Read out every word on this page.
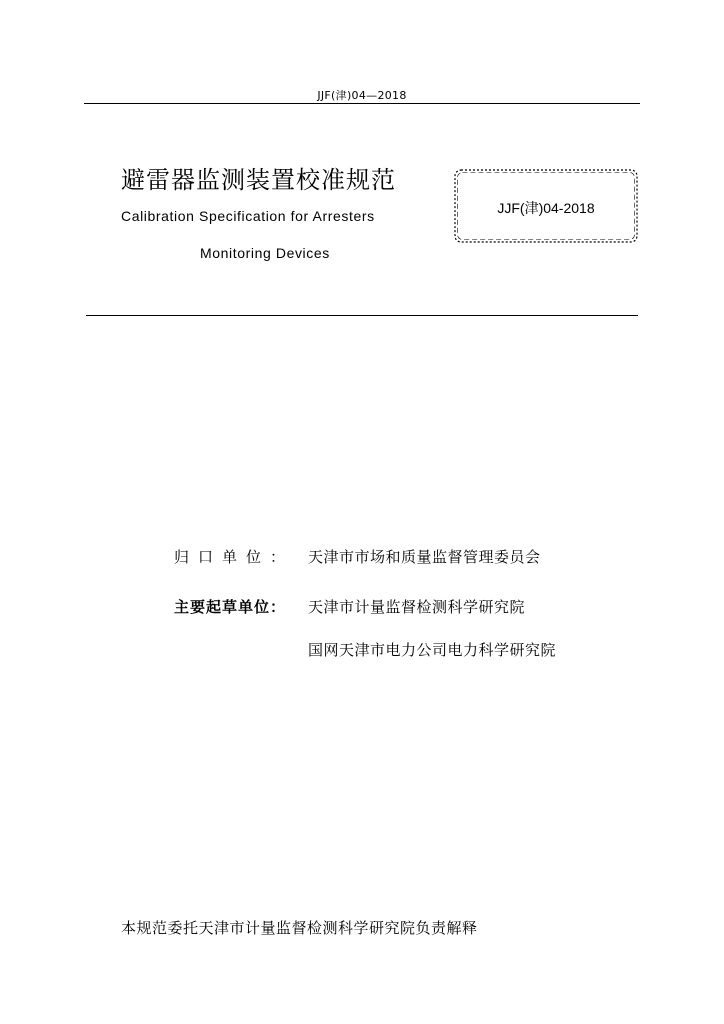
JJF(津)04—2018
避雷器监测装置校准规范
Calibration Specification for Arresters
Monitoring Devices
JJF(津)04-2018
归口单位： 天津市市场和质量监督管理委员会
主要起草单位： 天津市计量监督检测科学研究院
国网天津市电力公司电力科学研究院
本规范委托天津市计量监督检测科学研究院负责解释
